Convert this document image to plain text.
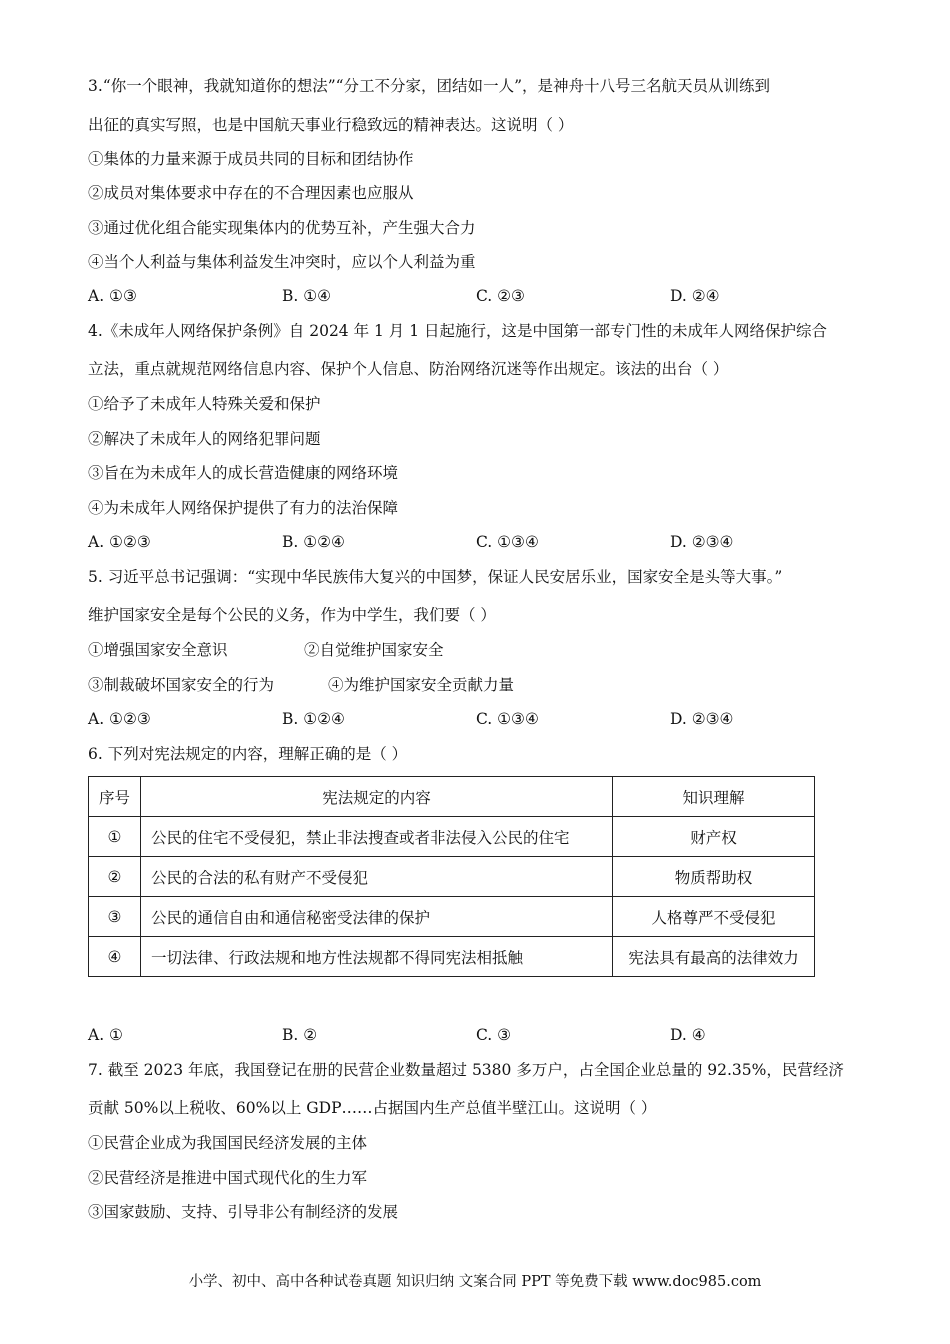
3.“你一个眼神，我就知道你的想法”“分工不分家，团结如一人”，是神舟十八号三名航天员从训练到
出征的真实写照，也是中国航天事业行稳致远的精神表达。这说明（ ）
①集体的力量来源于成员共同的目标和团结协作
②成员对集体要求中存在的不合理因素也应服从
③通过优化组合能实现集体内的优势互补，产生强大合力
④当个人利益与集体利益发生冲突时，应以个人利益为重
A. ①③	B. ①④	C. ②③	D. ②④
4.《未成年人网络保护条例》自 2024 年 1 月 1 日起施行，这是中国第一部专门性的未成年人网络保护综合
立法，重点就规范网络信息内容、保护个人信息、防治网络沉迷等作出规定。该法的出台（ ）
①给予了未成年人特殊关爱和保护
②解决了未成年人的网络犯罪问题
③旨在为未成年人的成长营造健康的网络环境
④为未成年人网络保护提供了有力的法治保障
A. ①②③	B. ①②④	C. ①③④	D. ②③④
5. 习近平总书记强调：“实现中华民族伟大复兴的中国梦，保证人民安居乐业，国家安全是头等大事。”
维护国家安全是每个公民的义务，作为中学生，我们要（ ）
①增强国家安全意识	②自觉维护国家安全
③制裁破坏国家安全的行为	④为维护国家安全贡献力量
A. ①②③	B. ①②④	C. ①③④	D. ②③④
6. 下列对宪法规定的内容，理解正确的是（ ）
序号	宪法规定的内容	知识理解
①	公民的住宅不受侵犯，禁止非法搜查或者非法侵入公民的住宅	财产权
②	公民的合法的私有财产不受侵犯	物质帮助权
③	公民的通信自由和通信秘密受法律的保护	人格尊严不受侵犯
④	一切法律、行政法规和地方性法规都不得同宪法相抵触	宪法具有最高的法律效力
A. ①	B. ②	C. ③	D. ④
7. 截至 2023 年底，我国登记在册的民营企业数量超过 5380 多万户，占全国企业总量的 92.35%，民营经济
贡献 50%以上税收、60%以上 GDP……占据国内生产总值半壁江山。这说明（ ）
①民营企业成为我国国民经济发展的主体
②民营经济是推进中国式现代化的生力军
③国家鼓励、支持、引导非公有制经济的发展
小学、初中、高中各种试卷真题 知识归纳 文案合同 PPT 等免费下载 www.doc985.com
